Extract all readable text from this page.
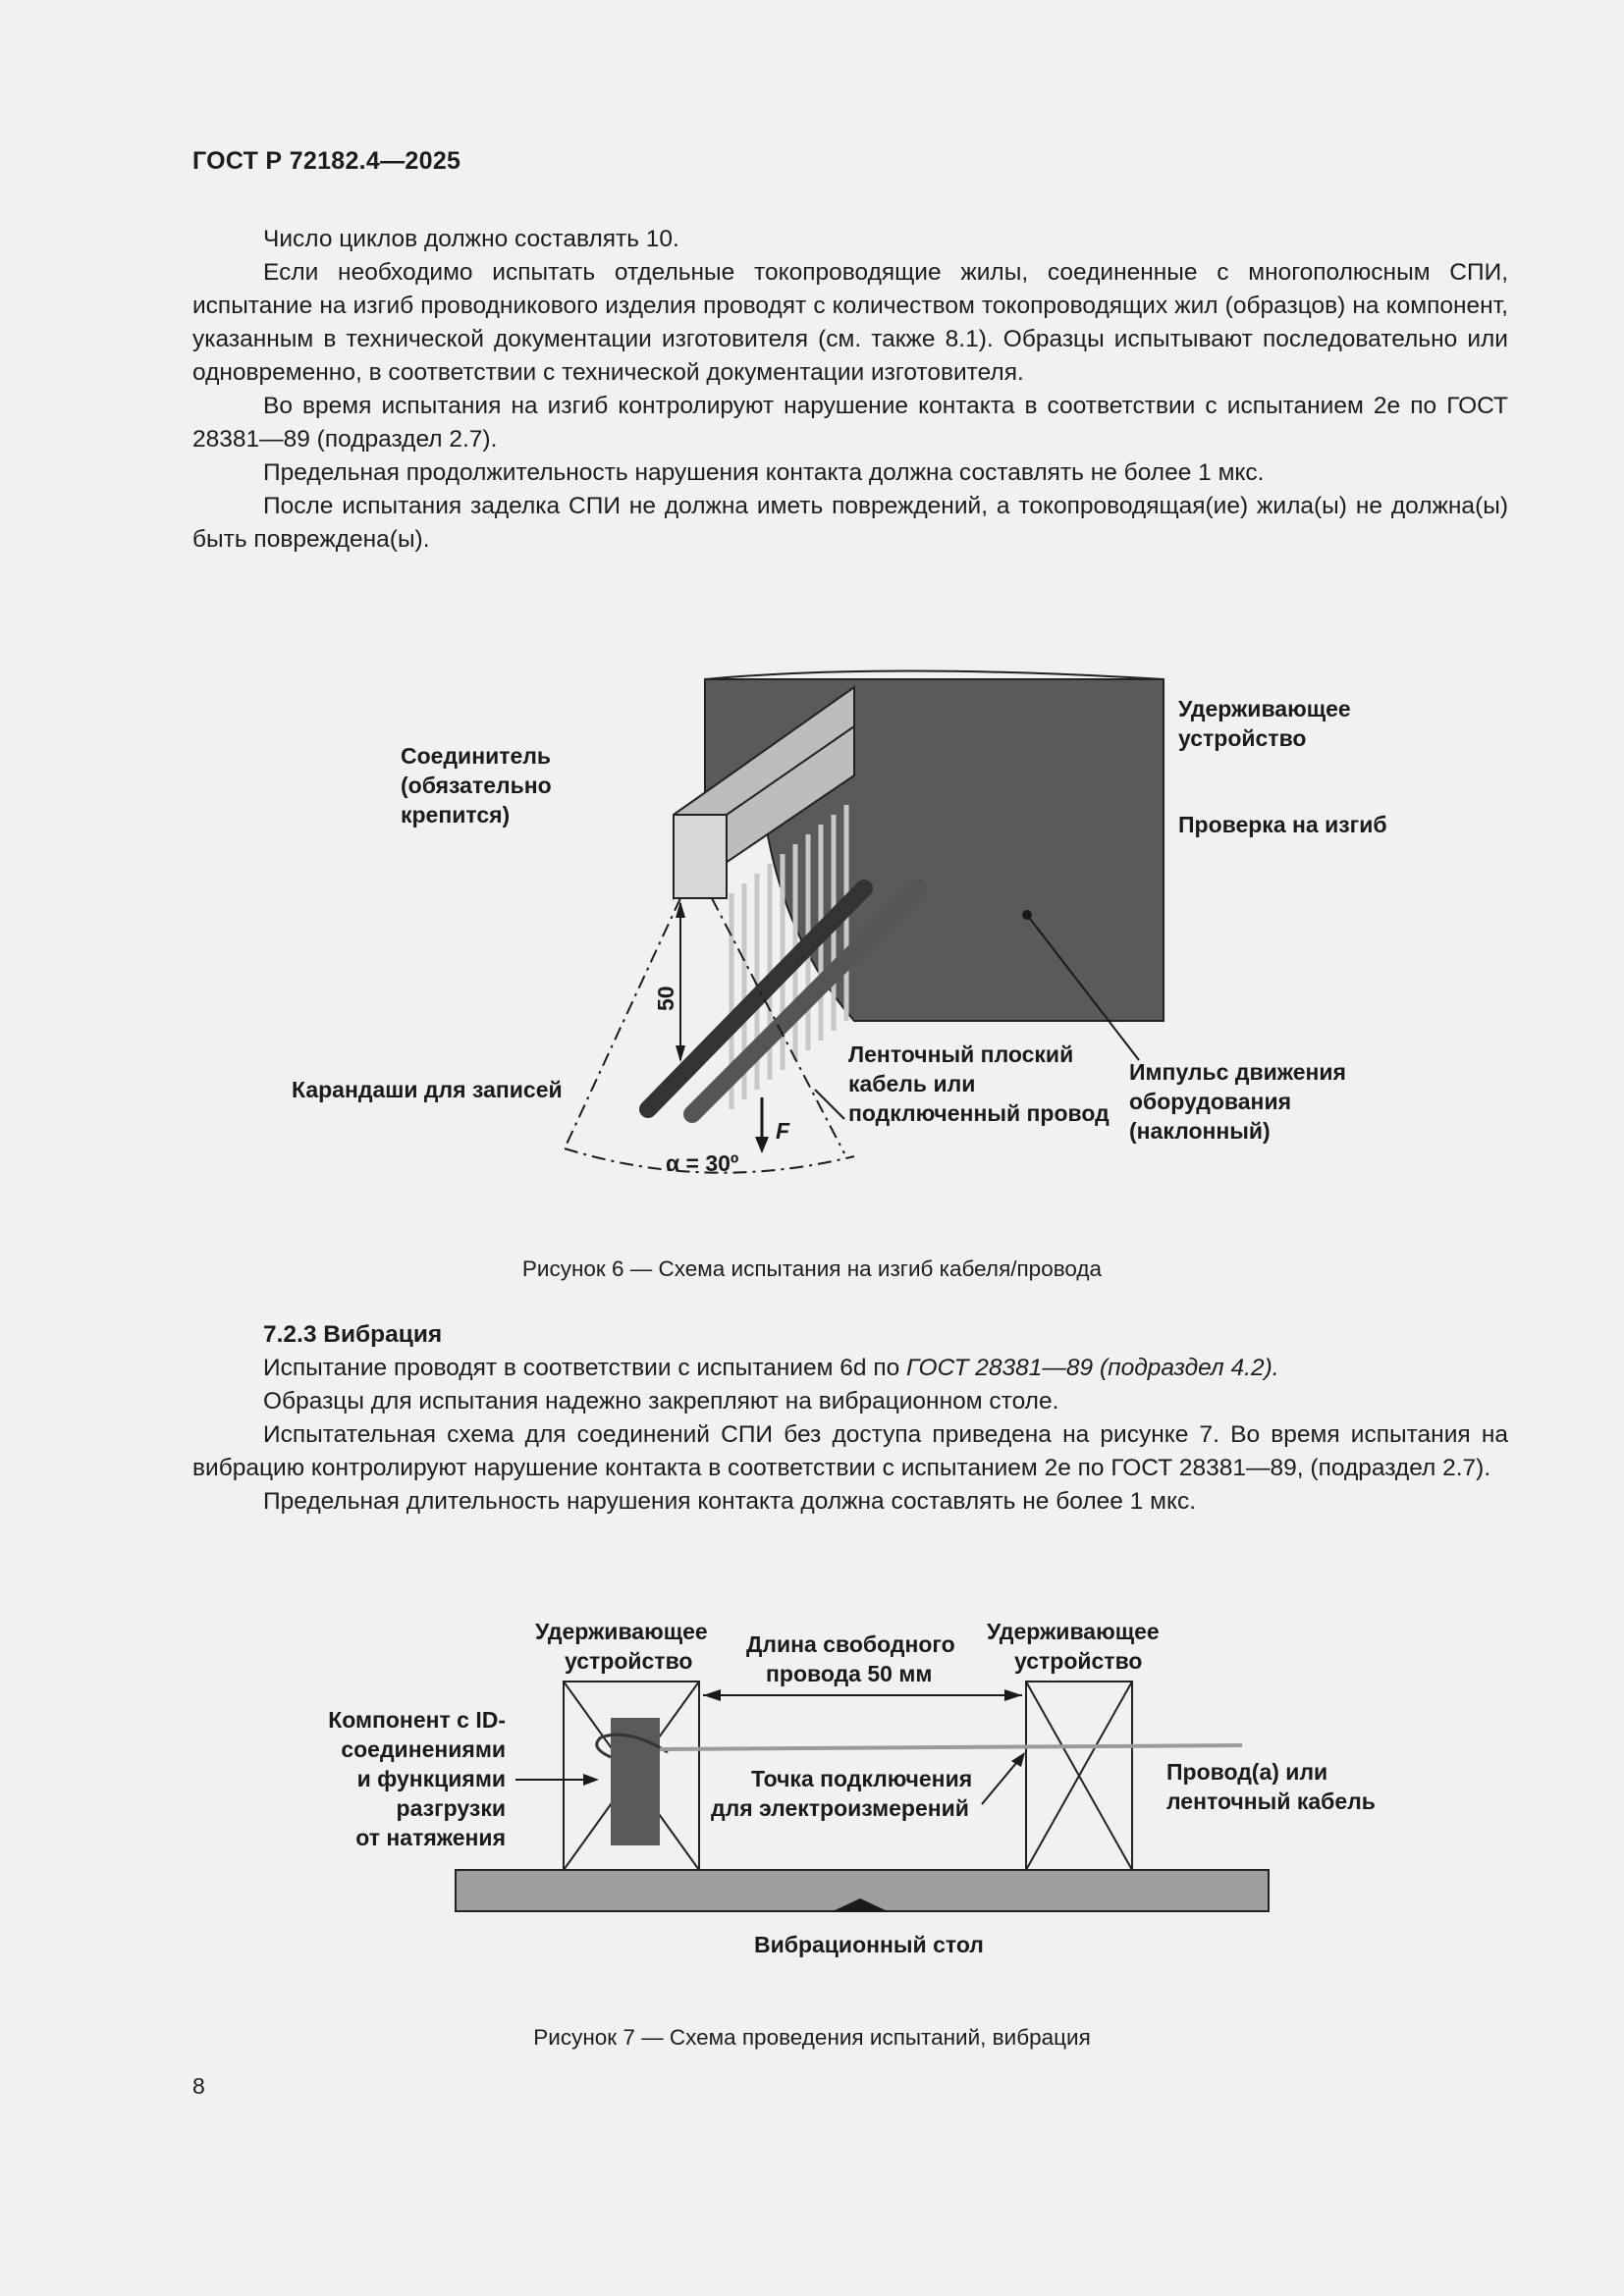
ГОСТ Р 72182.4—2025

Число циклов должно составлять 10.

Если необходимо испытать отдельные токопроводящие жилы, соединенные с многополюсным СПИ, испытание на изгиб проводникового изделия проводят с количеством токопроводящих жил (образцов) на компонент, указанным в технической документации изготовителя (см. также 8.1). Образцы испытывают последовательно или одновременно, в соответствии с технической документации изготовителя.

Во время испытания на изгиб контролируют нарушение контакта в соответствии с испытанием 2е по ГОСТ 28381—89 (подраздел 2.7).

Предельная продолжительность нарушения контакта должна составлять не более 1 мкс.

После испытания заделка СПИ не должна иметь повреждений, а токопроводящая(ие) жила(ы) не должна(ы) быть повреждена(ы).

50
F
α = 30º
Удерживающее
устройство
Проверка на изгиб
Соединитель
(обязательно
крепится)
Карандаши для записей
Ленточный плоский
кабель или
подключенный провод
Импульс движения
оборудования
(наклонный)
Рисунок 6 — Схема испытания на изгиб кабеля/провода

7.2.3 Вибрация

Испытание проводят в соответствии с испытанием 6d по ГОСТ 28381—89 (подраздел 4.2).

Образцы для испытания надежно закрепляют на вибрационном столе.

Испытательная схема для соединений СПИ без доступа приведена на рисунке 7. Во время испытания на вибрацию контролируют нарушение контакта в соответствии с испытанием 2е по ГОСТ 28381—89, (подраздел 2.7).

Предельная длительность нарушения контакта должна составлять не более 1 мкс.

Удерживающее
устройство
Длина свободного
провода 50 мм
Удерживающее
устройство
Компонент с ID-
соединениями
и функциями
разгрузки
от натяжения
Точка подключения
для электроизмерений
Провод(а) или
ленточный кабель
Вибрационный стол
Рисунок 7 — Схема проведения испытаний, вибрация
8
